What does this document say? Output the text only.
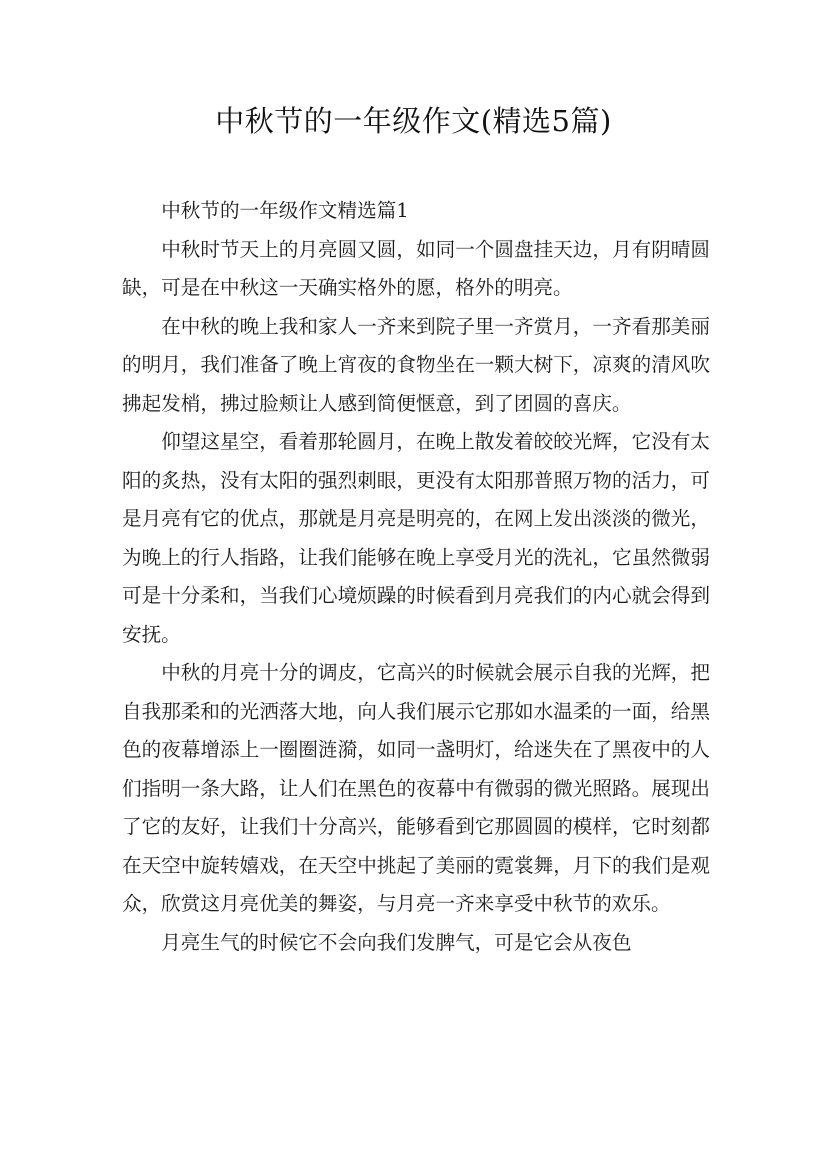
中秋节的一年级作文(精选5篇)

中秋节的一年级作文精选篇1

中秋时节天上的月亮圆又圆，如同一个圆盘挂天边，月有阴晴圆缺，可是在中秋这一天确实格外的愿，格外的明亮。

在中秋的晚上我和家人一齐来到院子里一齐赏月，一齐看那美丽的明月，我们准备了晚上宵夜的食物坐在一颗大树下，凉爽的清风吹拂起发梢，拂过脸颊让人感到简便惬意，到了团圆的喜庆。

仰望这星空，看着那轮圆月，在晚上散发着皎皎光辉，它没有太阳的炙热，没有太阳的强烈刺眼，更没有太阳那普照万物的活力，可是月亮有它的优点，那就是月亮是明亮的，在网上发出淡淡的微光，为晚上的行人指路，让我们能够在晚上享受月光的洗礼，它虽然微弱可是十分柔和，当我们心境烦躁的时候看到月亮我们的内心就会得到安抚。

中秋的月亮十分的调皮，它高兴的时候就会展示自我的光辉，把自我那柔和的光洒落大地，向人我们展示它那如水温柔的一面，给黑色的夜幕增添上一圈圈涟漪，如同一盏明灯，给迷失在了黑夜中的人们指明一条大路，让人们在黑色的夜幕中有微弱的微光照路。展现出了它的友好，让我们十分高兴，能够看到它那圆圆的模样，它时刻都在天空中旋转嬉戏，在天空中挑起了美丽的霓裳舞，月下的我们是观众，欣赏这月亮优美的舞姿，与月亮一齐来享受中秋节的欢乐。

月亮生气的时候它不会向我们发脾气，可是它会从夜色
